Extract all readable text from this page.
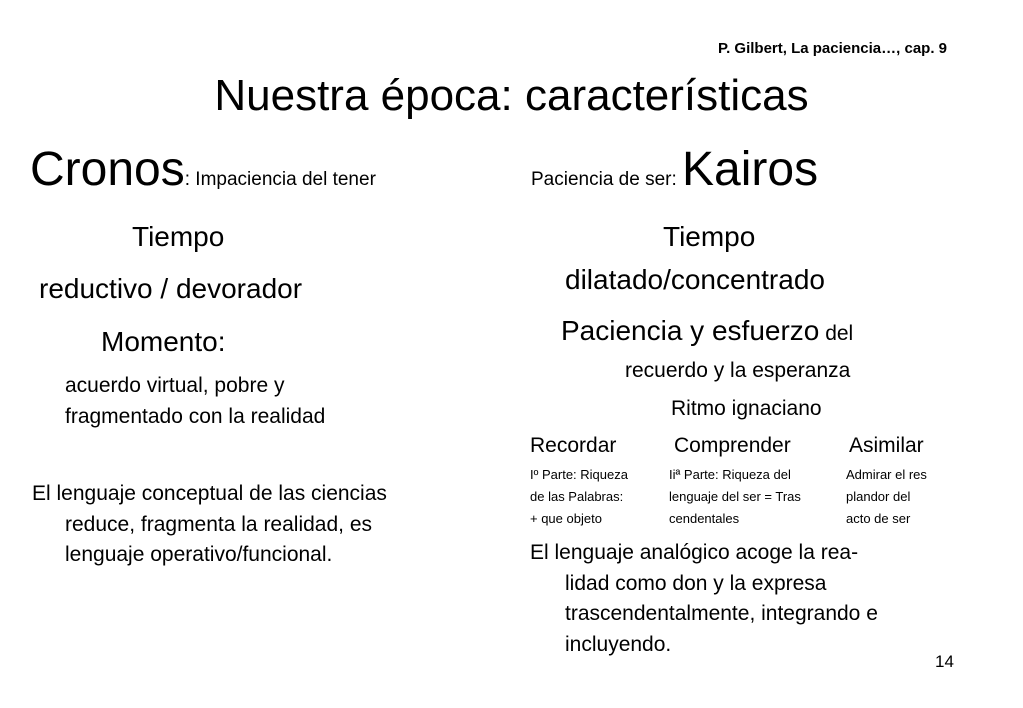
P. Gilbert, La paciencia…, cap. 9
Nuestra época: características
Cronos: Impaciencia del tener
Tiempo
reductivo / devorador
Momento:
acuerdo virtual, pobre y
fragmentado con la realidad
El lenguaje conceptual de las ciencias
reduce, fragmenta la realidad, es
lenguaje operativo/funcional.
Paciencia de ser: Kairos
Tiempo
dilatado/concentrado
Paciencia y esfuerzo del
recuerdo y la esperanza
Ritmo ignaciano
Recordar	Comprender	Asimilar
Iº Parte: Riqueza
de las Palabras:
+ que objeto
Iiª Parte: Riqueza del
lenguaje del ser = Tras
cendentales
Admirar el res
plandor del
acto de ser
El lenguaje analógico acoge la rea-
lidad como don y la expresa
trascendentalmente, integrando e
incluyendo.
14
